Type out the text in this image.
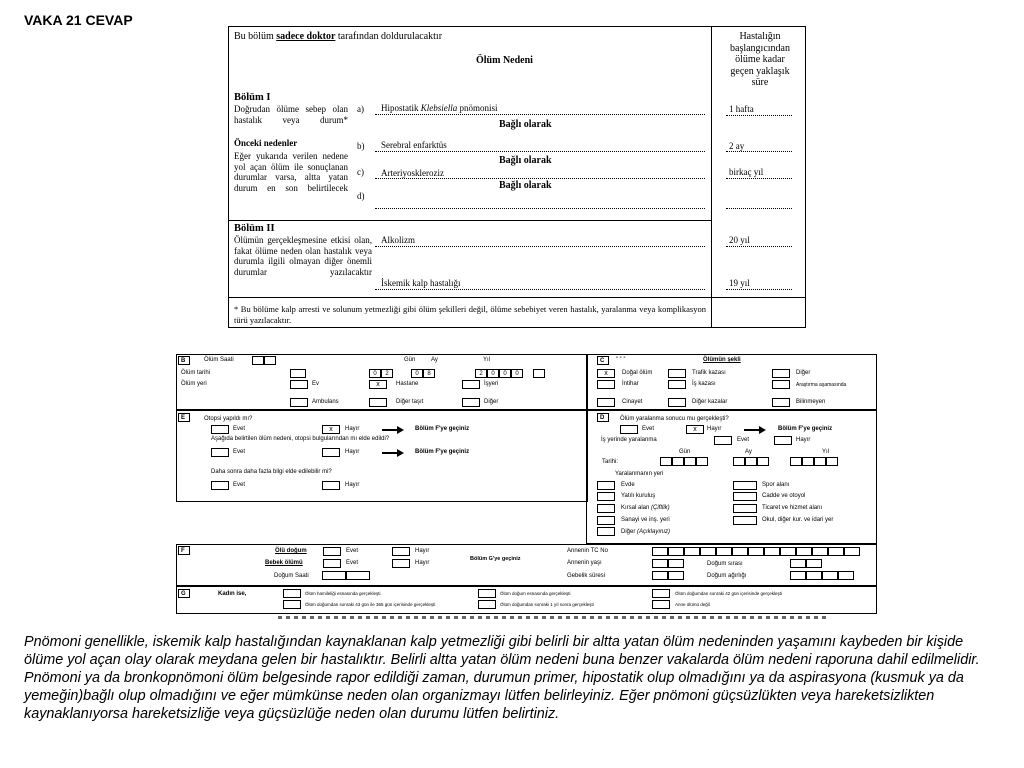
VAKA 21 CEVAP
Bu bölüm sadece doktor tarafından doldurulacaktır
Ölüm Nedeni
Hastalığın
başlangıcından
ölüme kadar
geçen yaklaşık
süre
Bölüm I
Doğrudan ölüme sebep olan hastalık veya durum*
Önceki nedenler
Eğer yukarıda verilen nedene yol açan ölüm ile sonuçlanan durumlar varsa, altta yatan durum en son belirtilecek
a) Hipostatik Klebsiella pnömonisi	1 hafta
Bağlı olarak
b) Serebral enfarktüs	2 ay
Bağlı olarak
c) Arteriyoskleroziz	birkaç yıl
Bağlı olarak
d)
Bölüm II
Ölümün gerçekleşmesine etkisi olan, fakat ölüme neden olan hastalık veya durumla ilgili olmayan diğer önemli durumlar yazılacaktır
Alkolizm	20 yıl
İskemik kalp hastalığı	19 yıl
* Bu bölüme kalp arresti ve solunum yetmezliği gibi ölüm şekilleri değil, ölüme sebebiyet veren hastalık, yaralanma veya komplikasyon türü yazılacaktır.
B	Ölüm Saati	Gün	Ay	Yıl
Ölüm tarihi	0	2	0	8	2	0	0	0
Ölüm yeri	Ev	x	Hastane	İşyeri
Ambulans	Diğer taşıt	Diğer
C	- - -	Ölümün şekli
x	Doğal ölüm	Trafik kazası	Diğer
İntihar	İş kazası	Araştırma aşamasında
Cinayet	Diğer kazalar	Bilinmeyen
E	Otopsi yapıldı mı?
Evet	x	Hayır	Bölüm F'ye geçiniz
Aşağıda belirtilen ölüm nedeni, otopsi bulgularından mı elde edildi?
Evet	Hayır	Bölüm F'ye geçiniz
Daha sonra daha fazla bilgi elde edilebilir mi?
Evet	Hayır
D	Ölüm yaralanma sonucu mu gerçekleşti?
Evet	x	Hayır	Bölüm F'ye geçiniz
İş yerinde yaralanma	Evet	Hayır
Gün	Ay	Yıl
Tarihi:
Yaralanmanın yeri
Evde	Spor alanı
Yatılı kuruluş	Cadde ve otoyol
Kırsal alan (Çiftlik)	Ticaret ve hizmet alanı
Sanayi ve inş. yeri	Okul, diğer kur. ve idari yer
Diğer (Açıklayınız)
F	Ölü doğum	Evet	Hayır
Bebek ölümü	Evet	Hayır
Bölüm G'ye geçiniz
Doğum Saati
Annenin TC No
Annenin yaşı	Doğum sırası
Gebelik süresi	Doğum ağırlığı
G	Kadın ise,	Ölüm hamileliği esnasında gerçekleşti	Ölüm doğum esnasında gerçekleşti	Ölüm doğumdan sonraki 42 gün içerisinde gerçekleşti
Ölüm doğumdan sonraki 43 gün ile 365 gün içerisinde gerçekleşti	Ölüm doğumdan sonraki 1 yıl sonra gerçekleşti	Anne ölümü değil
Pnömoni genellikle, iskemik kalp hastalığından kaynaklanan kalp yetmezliği gibi belirli bir altta yatan ölüm nedeninden yaşamını kaybeden bir kişide ölüme yol açan olay olarak meydana gelen bir hastalıktır. Belirli altta yatan ölüm nedeni buna benzer vakalarda ölüm nedeni raporuna dahil edilmelidir. Pnömoni ya da bronkopnömoni ölüm belgesinde rapor edildiği zaman, durumun primer, hipostatik olup olmadığını ya da aspirasyona (kusmuk ya da yemeğin)bağlı olup olmadığını ve eğer mümkünse neden olan organizmayı lütfen belirleyiniz. Eğer pnömoni güçsüzlükten veya hareketsizlikten kaynaklanıyorsa hareketsizliğe veya güçsüzlüğe neden olan durumu lütfen belirtiniz.
